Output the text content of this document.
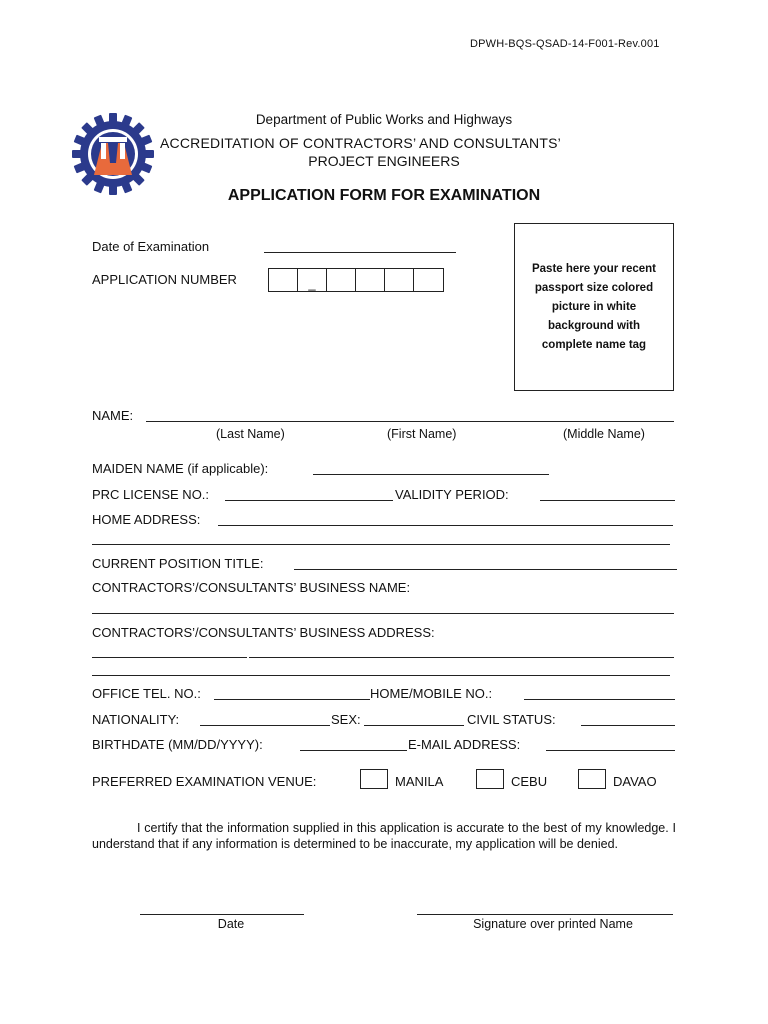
DPWH-BQS-QSAD-14-F001-Rev.001
Department of Public Works and Highways
ACCREDITATION OF CONTRACTORS’ AND CONSULTANTS’
PROJECT ENGINEERS
APPLICATION FORM FOR EXAMINATION
Date of Examination
APPLICATION NUMBER	_
Paste here your recent passport size colored picture in white background with complete name tag
NAME:
(Last Name)	(First Name)	(Middle Name)
MAIDEN NAME (if applicable):
PRC LICENSE NO.:	VALIDITY PERIOD:
HOME ADDRESS:
CURRENT POSITION TITLE:
CONTRACTORS’/CONSULTANTS’ BUSINESS NAME:
CONTRACTORS’/CONSULTANTS’ BUSINESS ADDRESS:
OFFICE TEL. NO.:	HOME/MOBILE NO.:
NATIONALITY:	SEX:	CIVIL STATUS:
BIRTHDATE (MM/DD/YYYY):	E-MAIL ADDRESS:
PREFERRED EXAMINATION VENUE:	MANILA	CEBU	DAVAO
I certify that the information supplied in this application is accurate to the best of my knowledge. I understand that if any information is determined to be inaccurate, my application will be denied.
Date	Signature over printed Name
